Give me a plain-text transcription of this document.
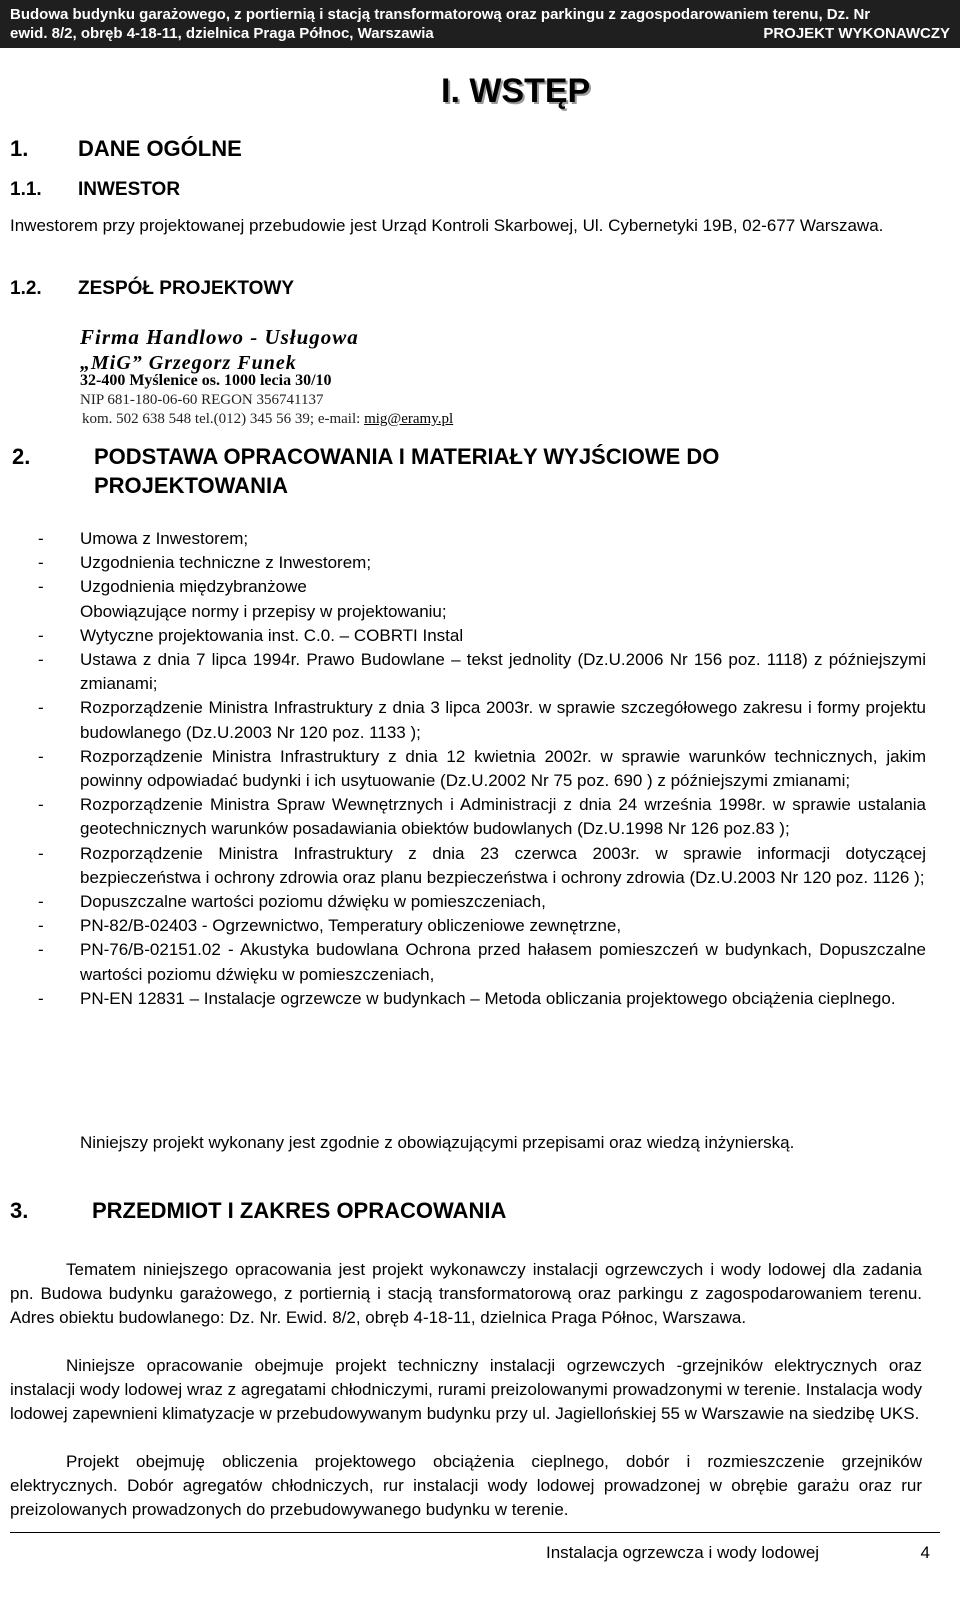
Budowa budynku garażowego, z portiernią i stacją transformatorową oraz parkingu z zagospodarowaniem terenu, Dz. Nr
ewid. 8/2, obręb 4-18-11, dzielnica Praga Północ, Warszawia	PROJEKT WYKONAWCZY
I. WSTĘP
1. DANE OGÓLNE
1.1. INWESTOR
Inwestorem przy projektowanej przebudowie jest Urząd Kontroli Skarbowej, Ul. Cybernetyki 19B, 02-677 Warszawa.
1.2. ZESPÓŁ PROJEKTOWY
Firma Handlowo - Usługowa
„MiG” Grzegorz Funek
32-400 Myślenice os. 1000 lecia 30/10
NIP 681-180-06-60 REGON 356741137
kom. 502 638 548 tel.(012) 345 56 39; e-mail: mig@eramy.pl
2.	PODSTAWA OPRACOWANIA I MATERIAŁY WYJŚCIOWE DO PROJEKTOWANIA
- Umowa z Inwestorem;
- Uzgodnienia techniczne z Inwestorem;
- Uzgodnienia międzybranżowe
Obowiązujące normy i przepisy w projektowaniu;
- Wytyczne projektowania inst. C.0. – COBRTI Instal
- Ustawa z dnia 7 lipca 1994r. Prawo Budowlane – tekst jednolity (Dz.U.2006 Nr 156 poz. 1118) z późniejszymi zmianami;
- Rozporządzenie Ministra Infrastruktury z dnia 3 lipca 2003r. w sprawie szczegółowego zakresu i formy projektu budowlanego (Dz.U.2003 Nr 120 poz. 1133 );
- Rozporządzenie Ministra Infrastruktury z dnia 12 kwietnia 2002r. w sprawie warunków technicznych, jakim powinny odpowiadać budynki i ich usytuowanie (Dz.U.2002 Nr 75 poz. 690 ) z późniejszymi zmianami;
- Rozporządzenie Ministra Spraw Wewnętrznych i Administracji z dnia 24 września 1998r. w sprawie ustalania geotechnicznych warunków posadawiania obiektów budowlanych (Dz.U.1998 Nr 126 poz.83 );
- Rozporządzenie Ministra Infrastruktury z dnia 23 czerwca 2003r. w sprawie informacji dotyczącej bezpieczeństwa i ochrony zdrowia oraz planu bezpieczeństwa i ochrony zdrowia (Dz.U.2003 Nr 120 poz. 1126 );
- Dopuszczalne wartości poziomu dźwięku w pomieszczeniach,
- PN‑82/B-02403 - Ogrzewnictwo, Temperatury obliczeniowe zewnętrzne,
- PN‑76/B-02151.02 - Akustyka budowlana Ochrona przed hałasem pomieszczeń w budynkach, Dopuszczalne wartości poziomu dźwięku w pomieszczeniach,
- PN-EN 12831 – Instalacje ogrzewcze w budynkach – Metoda obliczania projektowego obciążenia cieplnego.
Niniejszy projekt wykonany jest zgodnie z obowiązującymi przepisami oraz wiedzą inżynierską.
3.	PRZEDMIOT I ZAKRES OPRACOWANIA
Tematem niniejszego opracowania jest projekt wykonawczy instalacji ogrzewczych i wody lodowej dla zadania pn. Budowa budynku garażowego, z portiernią i stacją transformatorową oraz parkingu z zagospodarowaniem terenu. Adres obiektu budowlanego: Dz. Nr. Ewid. 8/2, obręb 4-18-11, dzielnica Praga Północ, Warszawa.
Niniejsze opracowanie obejmuje projekt techniczny instalacji ogrzewczych -grzejników elektrycznych oraz instalacji wody lodowej wraz z agregatami chłodniczymi, rurami preizolowanymi prowadzonymi w terenie. Instalacja wody lodowej zapewnieni klimatyzacje w przebudowywanym budynku przy ul. Jagiellońskiej 55 w Warszawie na siedzibę UKS.
Projekt obejmuję obliczenia projektowego obciążenia cieplnego, dobór i rozmieszczenie grzejników elektrycznych. Dobór agregatów chłodniczych, rur instalacji wody lodowej prowadzonej w obrębie garażu oraz rur preizolowanych prowadzonych do przebudowywanego budynku w terenie.
Instalacja ogrzewcza i wody lodowej	4
